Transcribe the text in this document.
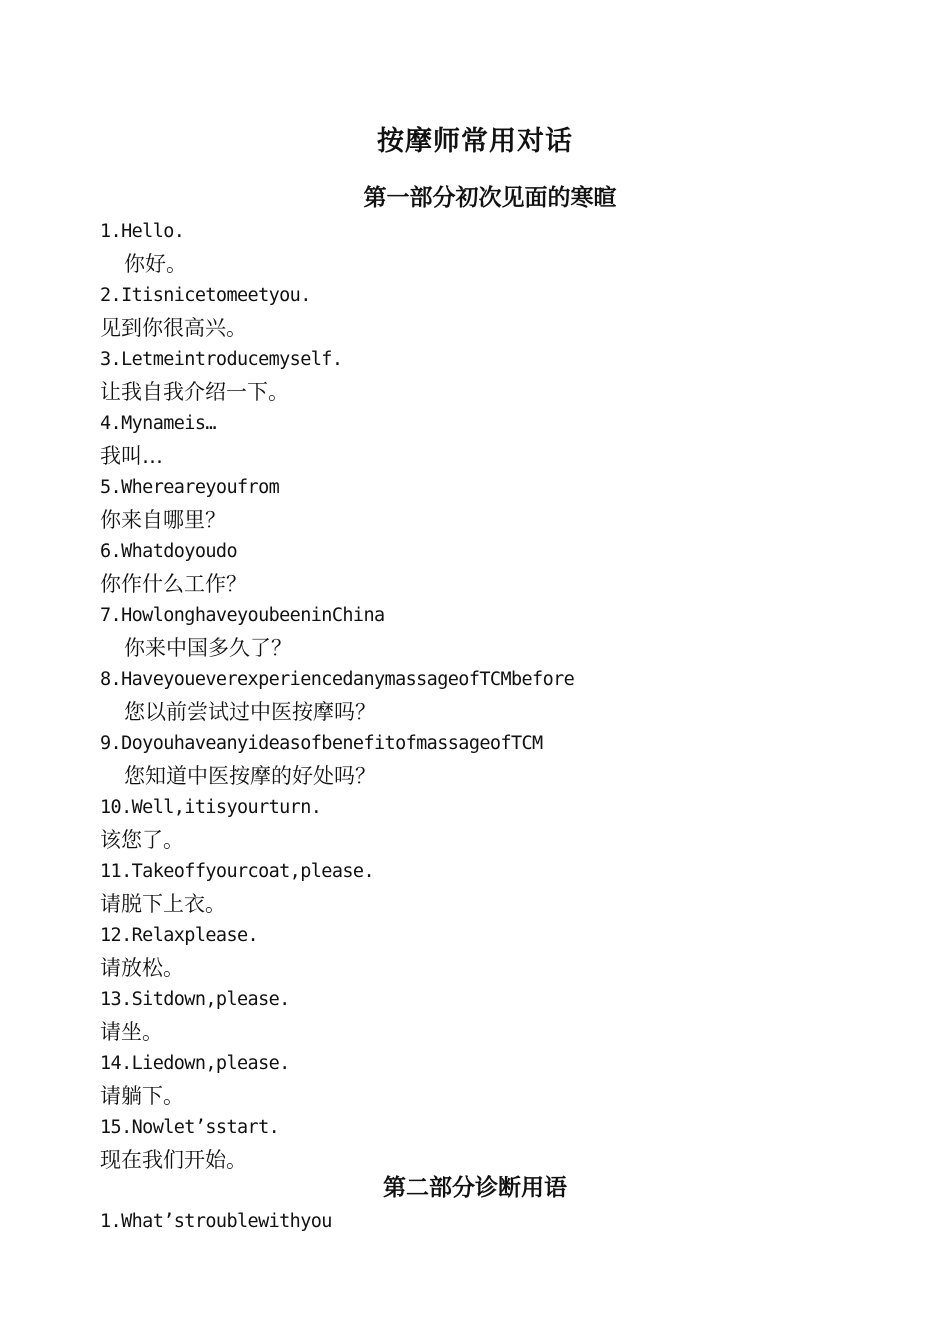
按摩师常用对话
第一部分初次见面的寒暄
1.Hello.
你好。
2.Itisnicetomeetyou.
见到你很高兴。
3.Letmeintroducemyself.
让我自我介绍一下。
4.Mynameis…
我叫…
5.Whereareyoufrom
你来自哪里？
6.Whatdoyoudo
你作什么工作？
7.HowlonghaveyoubeeninChina
你来中国多久了？
8.HaveyoueverexperiencedanymassageofTCMbefore
您以前尝试过中医按摩吗？
9.DoyouhaveanyideasofbenefitofmassageofTCM
您知道中医按摩的好处吗？
10.Well,itisyourturn.
该您了。
11.Takeoffyourcoat,please.
请脱下上衣。
12.Relaxplease.
请放松。
13.Sitdown,please.
请坐。
14.Liedown,please.
请躺下。
15.Nowlet’sstart.
现在我们开始。
第二部分诊断用语
1.What’stroublewithyou
